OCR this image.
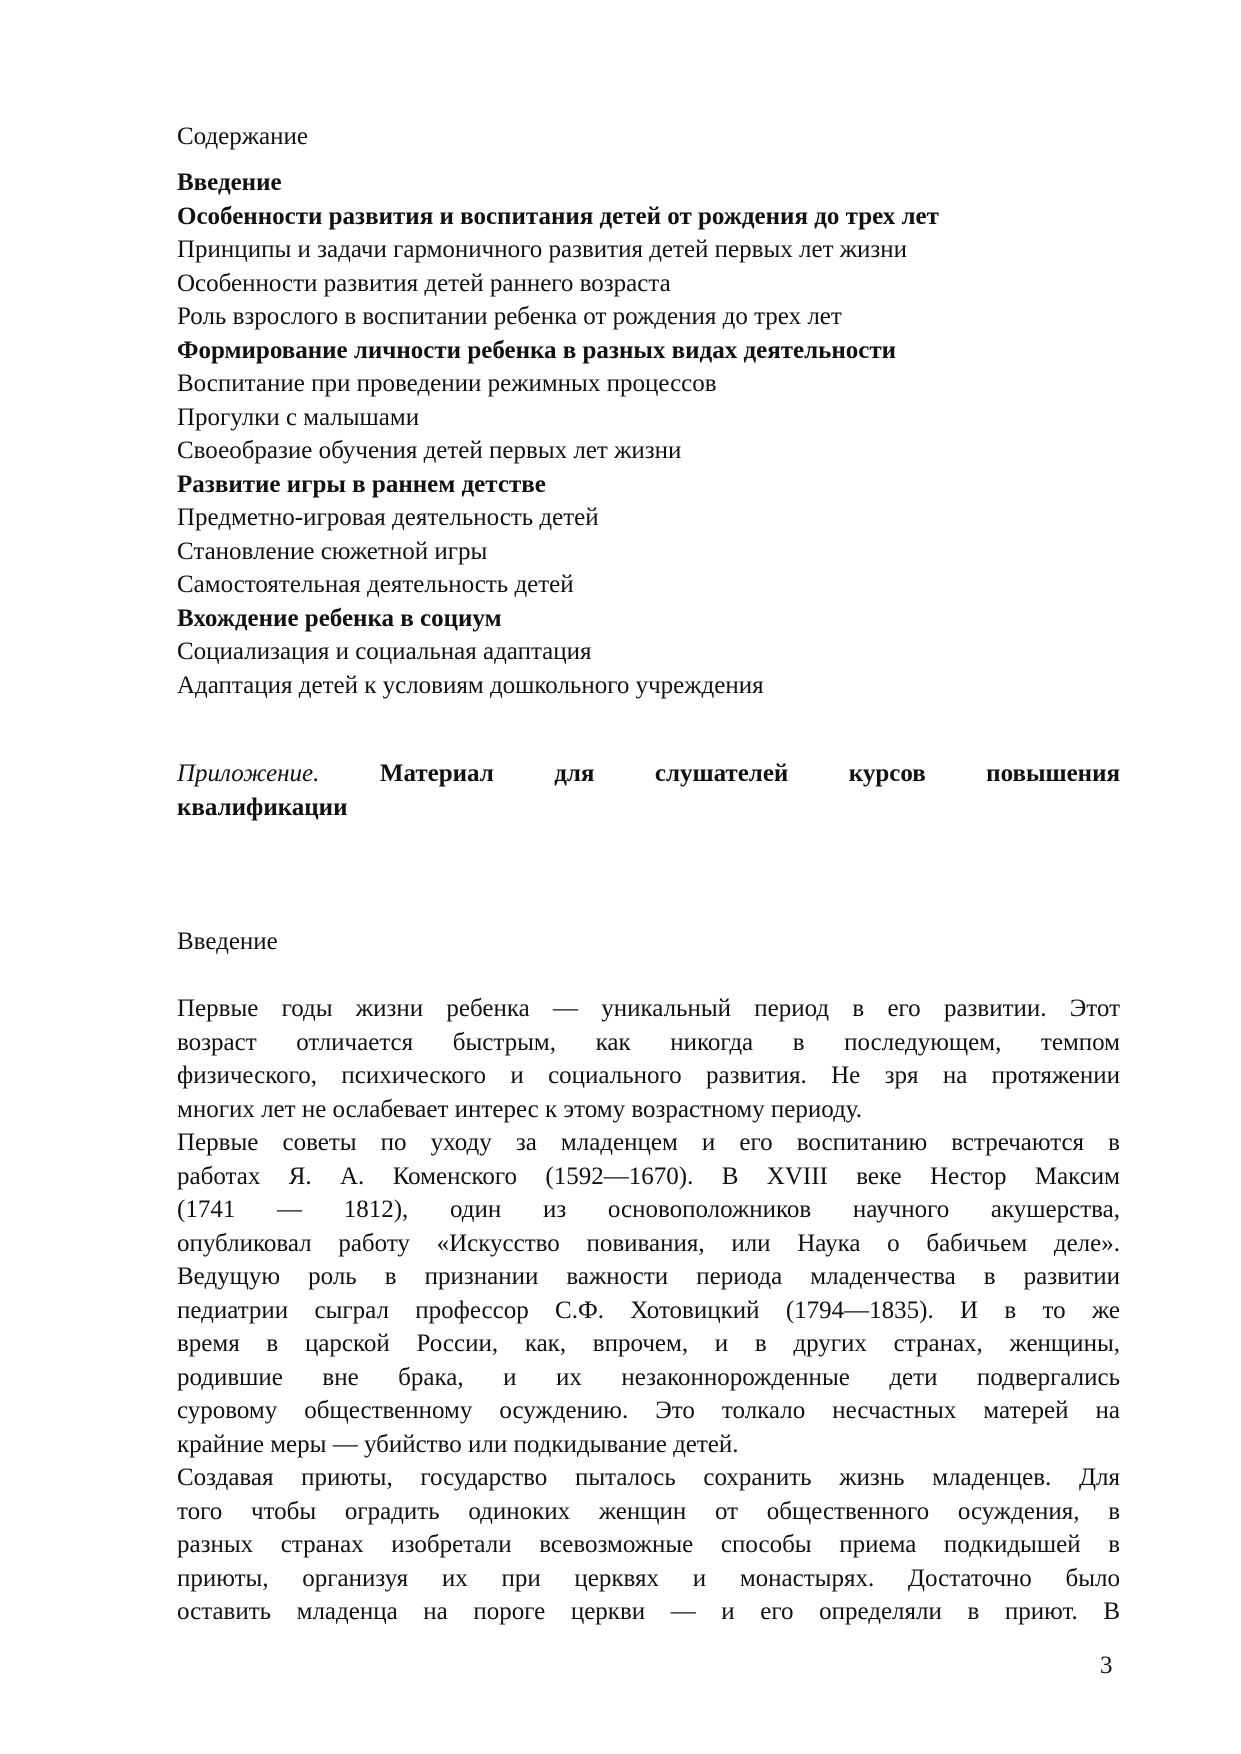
Содержание
Введение
Особенности развития и воспитания детей от рождения до трех лет
Принципы и задачи гармоничного развития детей первых лет жизни
Особенности развития детей раннего возраста
Роль взрослого в воспитании ребенка от рождения до трех лет
Формирование личности ребенка в разных видах деятельности
Воспитание при проведении режимных процессов
Прогулки с малышами
Своеобразие обучения детей первых лет жизни
Развитие игры в раннем детстве
Предметно-игровая деятельность детей
Становление сюжетной игры
Самостоятельная деятельность детей
Вхождение ребенка в социум
Социализация и социальная адаптация
Адаптация детей к условиям дошкольного учреждения
Приложение. Материал для слушателей курсов повышения
квалификации
Введение
Первые годы жизни ребенка — уникальный период в его развитии. Этот
возраст отличается быстрым, как никогда в последующем, темпом
физического, психического и социального развития. Не зря на протяжении
многих лет не ослабевает интерес к этому возрастному периоду.
Первые советы по уходу за младенцем и его воспитанию встречаются в
работах Я. А. Коменского (1592—1670). В XVIII веке Нестор Максим
(1741 — 1812), один из основоположников научного акушерства,
опубликовал работу «Искусство повивания, или Наука о бабичьем деле».
Ведущую роль в признании важности периода младенчества в развитии
педиатрии сыграл профессор С.Ф. Хотовицкий (1794—1835). И в то же
время в царской России, как, впрочем, и в других странах, женщины,
родившие вне брака, и их незаконнорожденные дети подвергались
суровому общественному осуждению. Это толкало несчастных матерей на
крайние меры — убийство или подкидывание детей.
Создавая приюты, государство пыталось сохранить жизнь младенцев. Для
того чтобы оградить одиноких женщин от общественного осуждения, в
разных странах изобретали всевозможные способы приема подкидышей в
приюты, организуя их при церквях и монастырях. Достаточно было
оставить младенца на пороге церкви — и его определяли в приют. В
3
